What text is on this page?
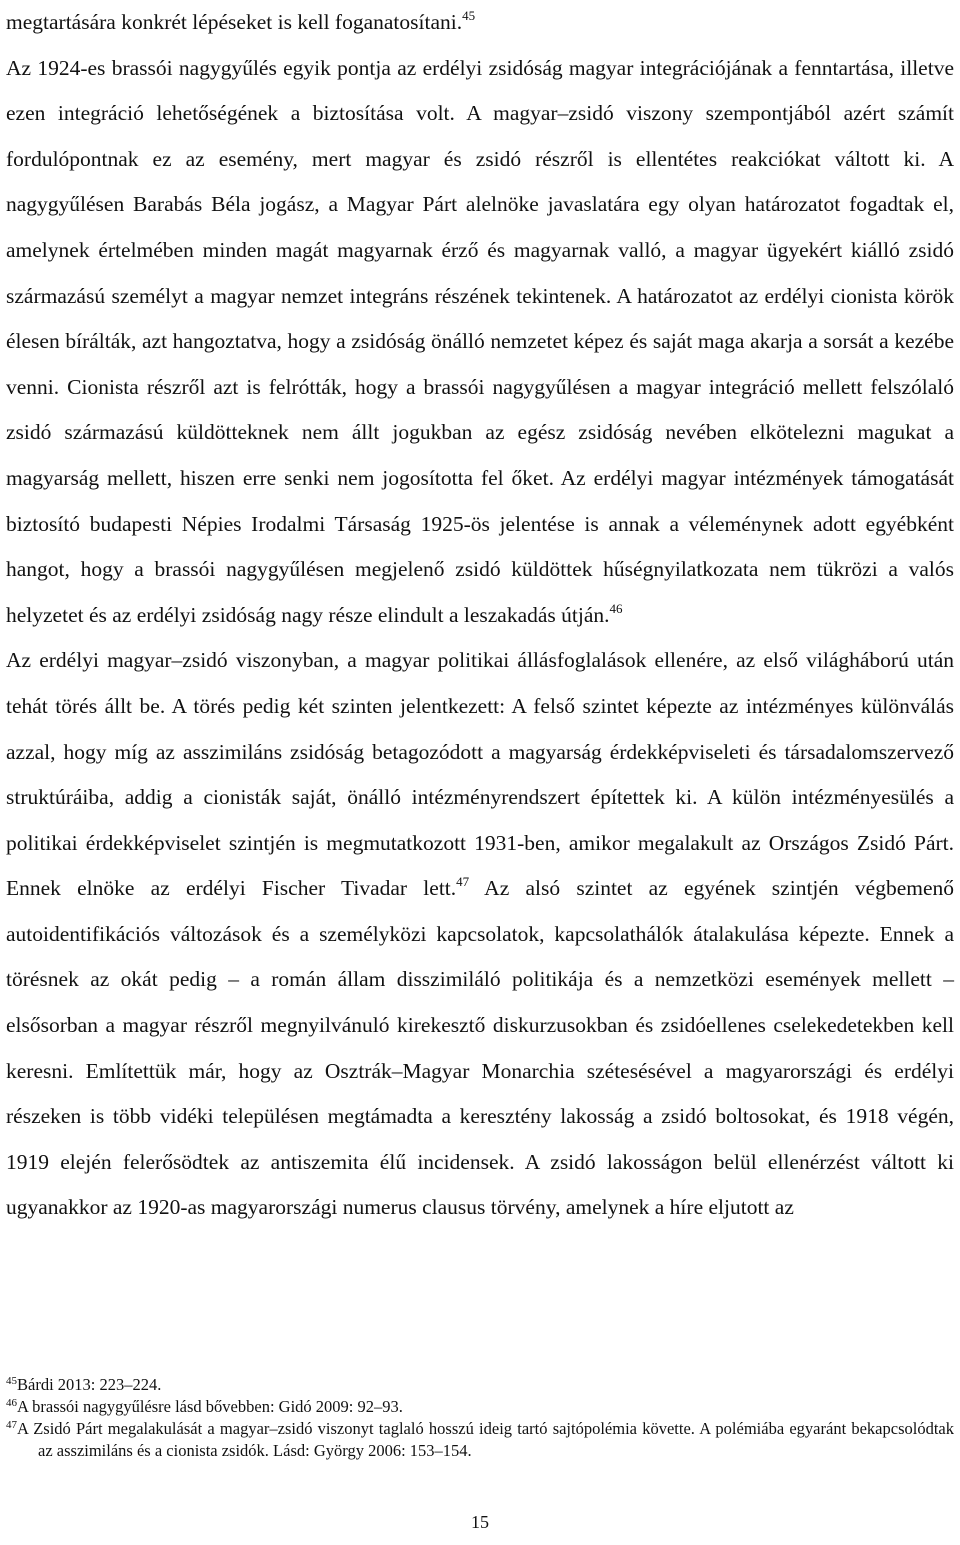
megtartására konkrét lépéseket is kell foganatosítani.$^{45}$

Az 1924-es brassói nagygyűlés egyik pontja az erdélyi zsidóság magyar integrációjának a fenntartása, illetve ezen integráció lehetőségének a biztosítása volt. A magyar–zsidó viszony szempontjából azért számít fordulópontnak ez az esemény, mert magyar és zsidó részről is ellentétes reakciókat váltott ki. A nagygyűlésen Barabás Béla jogász, a Magyar Párt alelnöke javaslatára egy olyan határozatot fogadtak el, amelynek értelmében minden magát magyarnak érző és magyarnak valló, a magyar ügyekért kiálló zsidó származású személyt a magyar nemzet integráns részének tekintenek. A határozatot az erdélyi cionista körök élesen bírálták, azt hangoztatva, hogy a zsidóság önálló nemzetet képez és saját maga akarja a sorsát a kezébe venni. Cionista részről azt is felrótták, hogy a brassói nagygyűlésen a magyar integráció mellett felszólaló zsidó származású küldötteknek nem állt jogukban az egész zsidóság nevében elkötelezni magukat a magyarság mellett, hiszen erre senki nem jogosította fel őket. Az erdélyi magyar intézmények támogatását biztosító budapesti Népies Irodalmi Társaság 1925-ös jelentése is annak a véleménynek adott egyébként hangot, hogy a brassói nagygyűlésen megjelenő zsidó küldöttek hűségnyilatkozata nem tükrözi a valós helyzetet és az erdélyi zsidóság nagy része elindult a leszakadás útján.$^{46}$

Az erdélyi magyar–zsidó viszonyban, a magyar politikai állásfoglalások ellenére, az első világháború után tehát törés állt be. A törés pedig két szinten jelentkezett: A felső szintet képezte az intézményes különválás azzal, hogy míg az asszimiláns zsidóság betagozódott a magyarság érdekképviseleti és társadalomszervező struktúráiba, addig a cionisták saját, önálló intézményrendszert építettek ki. A külön intézményesülés a politikai érdekképviselet szintjén is megmutatkozott 1931-ben, amikor megalakult az Országos Zsidó Párt. Ennek elnöke az erdélyi Fischer Tivadar lett.$^{47}$ Az alsó szintet az egyének szintjén végbemenő autoidentifikációs változások és a személyközi kapcsolatok, kapcsolathálók átalakulása képezte. Ennek a törésnek az okát pedig – a román állam disszimiláló politikája és a nemzetközi események mellett – elsősorban a magyar részről megnyilvánuló kirekesztő diskurzusokban és zsidóellenes cselekedetekben kell keresni. Említettük már, hogy az Osztrák–Magyar Monarchia szétesésével a magyarországi és erdélyi részeken is több vidéki településen megtámadta a keresztény lakosság a zsidó boltosokat, és 1918 végén, 1919 elején felerősödtek az antiszemita élű incidensek. A zsidó lakosságon belül ellenérzést váltott ki ugyanakkor az 1920-as magyarországi numerus clausus törvény, amelynek a híre eljutott az

$^{45}$Bárdi 2013: 223–224.

$^{46}$A brassói nagygyűlésre lásd bővebben: Gidó 2009: 92–93.

$^{47}$A Zsidó Párt megalakulását a magyar–zsidó viszonyt taglaló hosszú ideig tartó sajtópolémia követte. A polémiába egyaránt bekapcsolódtak az asszimiláns és a cionista zsidók. Lásd: György 2006: 153–154.

15
